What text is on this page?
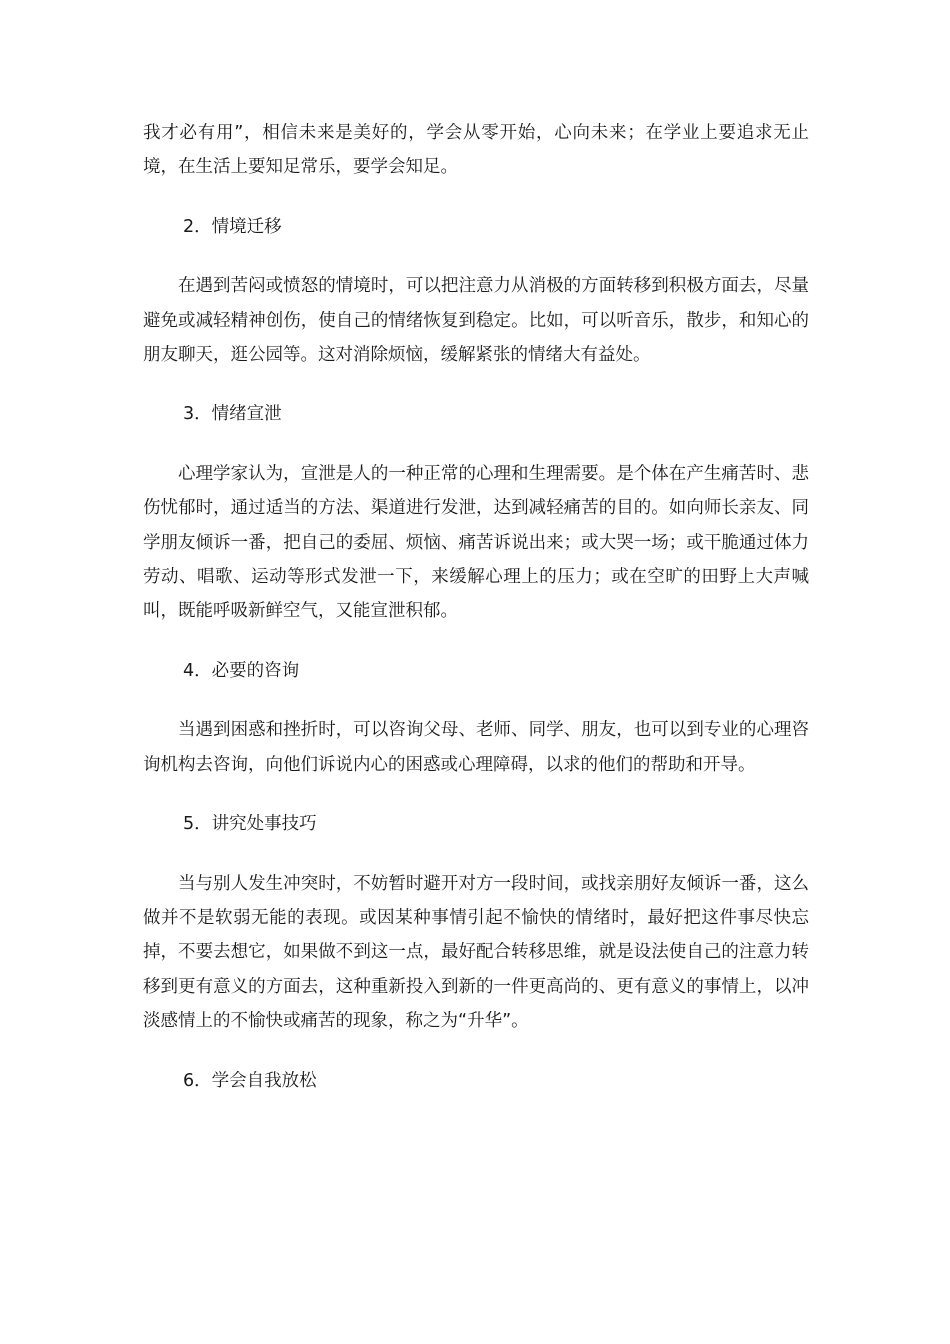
我才必有用”，相信未来是美好的，学会从零开始，心向未来；在学业上要追求无止境，在生活上要知足常乐，要学会知足。

2．情境迁移

在遇到苦闷或愤怒的情境时，可以把注意力从消极的方面转移到积极方面去，尽量避免或减轻精神创伤，使自己的情绪恢复到稳定。比如，可以听音乐，散步，和知心的朋友聊天，逛公园等。这对消除烦恼，缓解紧张的情绪大有益处。

3．情绪宣泄

心理学家认为，宣泄是人的一种正常的心理和生理需要。是个体在产生痛苦时、悲伤忧郁时，通过适当的方法、渠道进行发泄，达到减轻痛苦的目的。如向师长亲友、同学朋友倾诉一番，把自己的委屈、烦恼、痛苦诉说出来；或大哭一场；或干脆通过体力劳动、唱歌、运动等形式发泄一下，来缓解心理上的压力；或在空旷的田野上大声喊叫，既能呼吸新鲜空气，又能宣泄积郁。

4．必要的咨询

当遇到困惑和挫折时，可以咨询父母、老师、同学、朋友，也可以到专业的心理咨询机构去咨询，向他们诉说内心的困惑或心理障碍，以求的他们的帮助和开导。

5．讲究处事技巧

当与别人发生冲突时，不妨暂时避开对方一段时间，或找亲朋好友倾诉一番，这么做并不是软弱无能的表现。或因某种事情引起不愉快的情绪时，最好把这件事尽快忘掉，不要去想它，如果做不到这一点，最好配合转移思维，就是设法使自己的注意力转移到更有意义的方面去，这种重新投入到新的一件更高尚的、更有意义的事情上，以冲淡感情上的不愉快或痛苦的现象，称之为“升华”。

6．学会自我放松
